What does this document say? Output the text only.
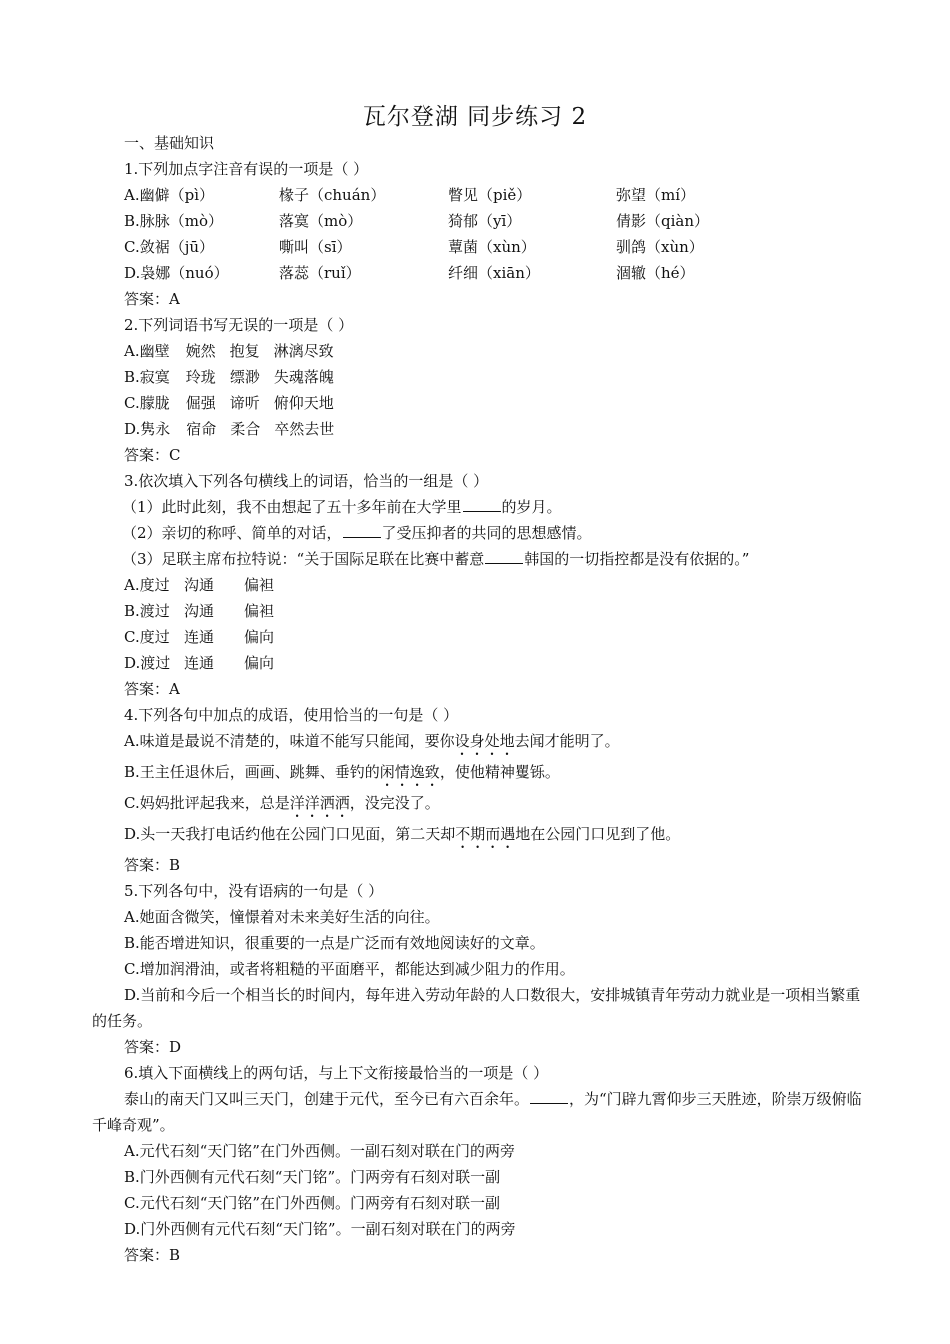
瓦尔登湖 同步练习 2
一、基础知识
1.下列加点字注音有误的一项是（ ）
A.幽僻（pì）	椽子（chuán）	瞥见（piě）	弥望（mí）
B.脉脉（mò）	落寞（mò）	猗郁（yī）	倩影（qiàn）
C.敛裾（jū）	嘶叫（sī）	蕈菌（xùn）	驯鸽（xùn）
D.袅娜（nuó）	落蕊（ruǐ）	纤细（xiān）	涸辙（hé）
答案：A
2.下列词语书写无误的一项是（ ）
A.幽壁 婉然 抱复 淋漓尽致
B.寂寞 玲珑 缥渺 失魂落魄
C.朦胧 倔强 谛听 俯仰天地
D.隽永 宿命 柔合 卒然去世
答案：C
3.依次填入下列各句横线上的词语，恰当的一组是（ ）
（1）此时此刻，我不由想起了五十多年前在大学里	的岁月。
（2）亲切的称呼、简单的对话，	了受压抑者的共同的思想感情。
（3）足联主席布拉特说：“关于国际足联在比赛中蓄意	韩国的一切指控都是没有依据的。”
A.度过 沟通 偏袒
B.渡过 沟通 偏袒
C.度过 连通 偏向
D.渡过 连通 偏向
答案：A
4.下列各句中加点的成语，使用恰当的一句是（ ）
A.味道是最说不清楚的，味道不能写只能闻，要你设身处地去闻才能明了。
B.王主任退休后，画画、跳舞、垂钓的闲情逸致，使他精神矍铄。
C.妈妈批评起我来，总是洋洋洒洒，没完没了。
D.头一天我打电话约他在公园门口见面，第二天却不期而遇地在公园门口见到了他。
答案：B
5.下列各句中，没有语病的一句是（ ）
A.她面含微笑，憧憬着对未来美好生活的向往。
B.能否增进知识，很重要的一点是广泛而有效地阅读好的文章。
C.增加润滑油，或者将粗糙的平面磨平，都能达到减少阻力的作用。
D.当前和今后一个相当长的时间内，每年进入劳动年龄的人口数很大，安排城镇青年劳动力就业是一项相当繁重的任务。
答案：D
6.填入下面横线上的两句话，与上下文衔接最恰当的一项是（ ）
泰山的南天门又叫三天门，创建于元代，至今已有六百余年。	，为“门辟九霄仰步三天胜迹，阶崇万级俯临千峰奇观”。
A.元代石刻“天门铭”在门外西侧。一副石刻对联在门的两旁
B.门外西侧有元代石刻“天门铭”。门两旁有石刻对联一副
C.元代石刻“天门铭”在门外西侧。门两旁有石刻对联一副
D.门外西侧有元代石刻“天门铭”。一副石刻对联在门的两旁
答案：B
